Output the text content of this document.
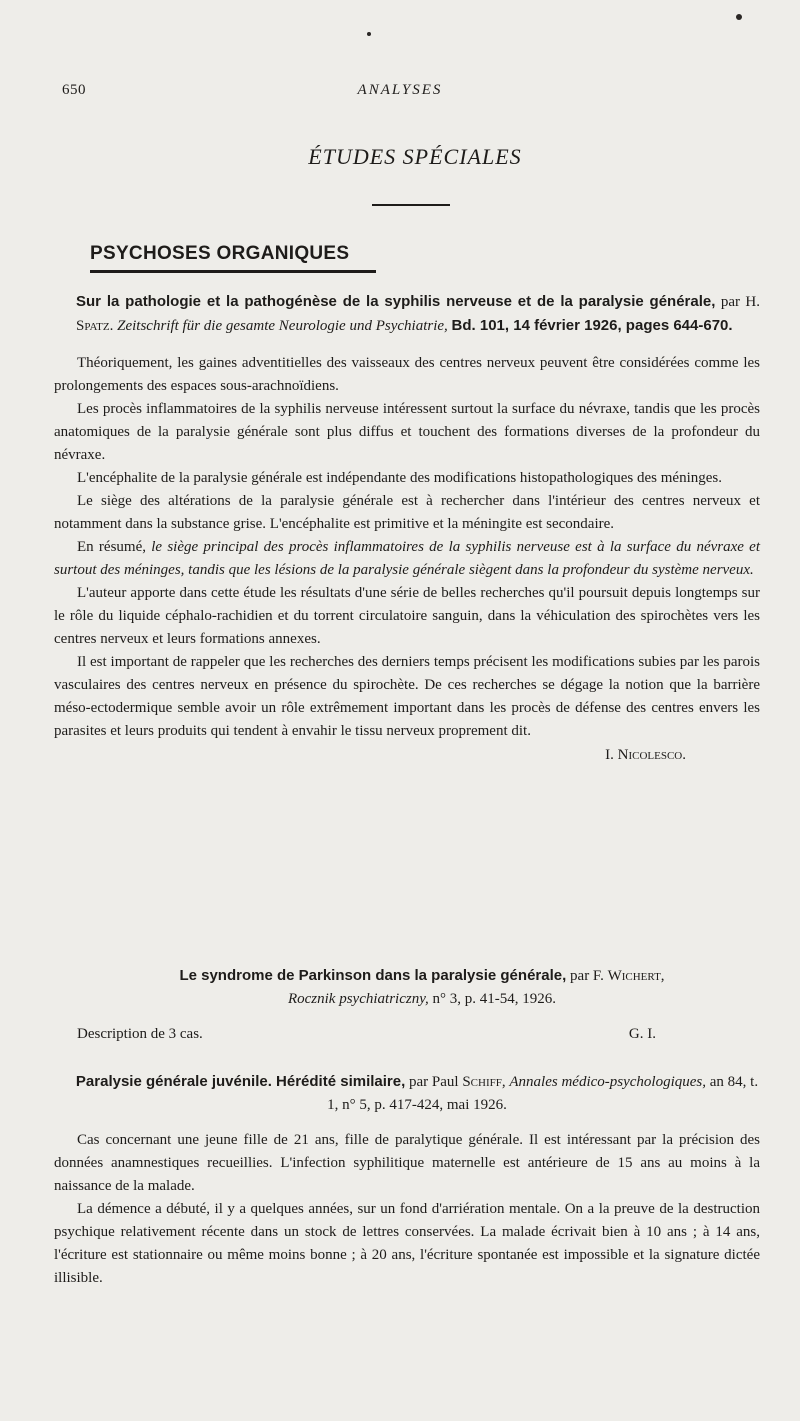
650	ANALYSES
ÉTUDES SPÉCIALES
PSYCHOSES ORGANIQUES

Sur la pathologie et la pathogénèse de la syphilis nerveuse et de la paralysie générale, par H. Spatz. Zeitschrift für die gesamte Neurologie und Psychiatrie, Bd. 101, 14 février 1926, pages 644-670.

Théoriquement, les gaines adventitielles des vaisseaux des centres nerveux peuvent être considérées comme les prolongements des espaces sous-arachnoïdiens.

Les procès inflammatoires de la syphilis nerveuse intéressent surtout la surface du névraxe, tandis que les procès anatomiques de la paralysie générale sont plus diffus et touchent des formations diverses de la profondeur du névraxe.

L'encéphalite de la paralysie générale est indépendante des modifications histopathologiques des méninges.

Le siège des altérations de la paralysie générale est à rechercher dans l'intérieur des centres nerveux et notamment dans la substance grise. L'encéphalite est primitive et la méningite est secondaire.

En résumé, le siège principal des procès inflammatoires de la syphilis nerveuse est à la surface du névraxe et surtout des méninges, tandis que les lésions de la paralysie générale siègent dans la profondeur du système nerveux.

L'auteur apporte dans cette étude les résultats d'une série de belles recherches qu'il poursuit depuis longtemps sur le rôle du liquide céphalo-rachidien et du torrent circulatoire sanguin, dans la véhiculation des spirochètes vers les centres nerveux et leurs formations annexes.

Il est important de rappeler que les recherches des derniers temps précisent les modifications subies par les parois vasculaires des centres nerveux en présence du spirochète. De ces recherches se dégage la notion que la barrière méso-ectodermique semble avoir un rôle extrêmement important dans les procès de défense des centres envers les parasites et leurs produits qui tendent à envahir le tissu nerveux proprement dit.

I. Nicolesco.

Le syndrome de Parkinson dans la paralysie générale, par F. Wichert,
Rocznik psychiatriczny, n° 3, p. 41-54, 1926.

Description de 3 cas.	G. I.

Paralysie générale juvénile. Hérédité similaire, par Paul Schiff, Annales médico-psychologiques, an 84, t. 1, n° 5, p. 417-424, mai 1926.

Cas concernant une jeune fille de 21 ans, fille de paralytique générale. Il est intéressant par la précision des données anamnestiques recueillies. L'infection syphilitique maternelle est antérieure de 15 ans au moins à la naissance de la malade.

La démence a débuté, il y a quelques années, sur un fond d'arriération mentale. On a la preuve de la destruction psychique relativement récente dans un stock de lettres conservées. La malade écrivait bien à 10 ans ; à 14 ans, l'écriture est stationnaire ou même moins bonne ; à 20 ans, l'écriture spontanée est impossible et la signature dictée illisible.
